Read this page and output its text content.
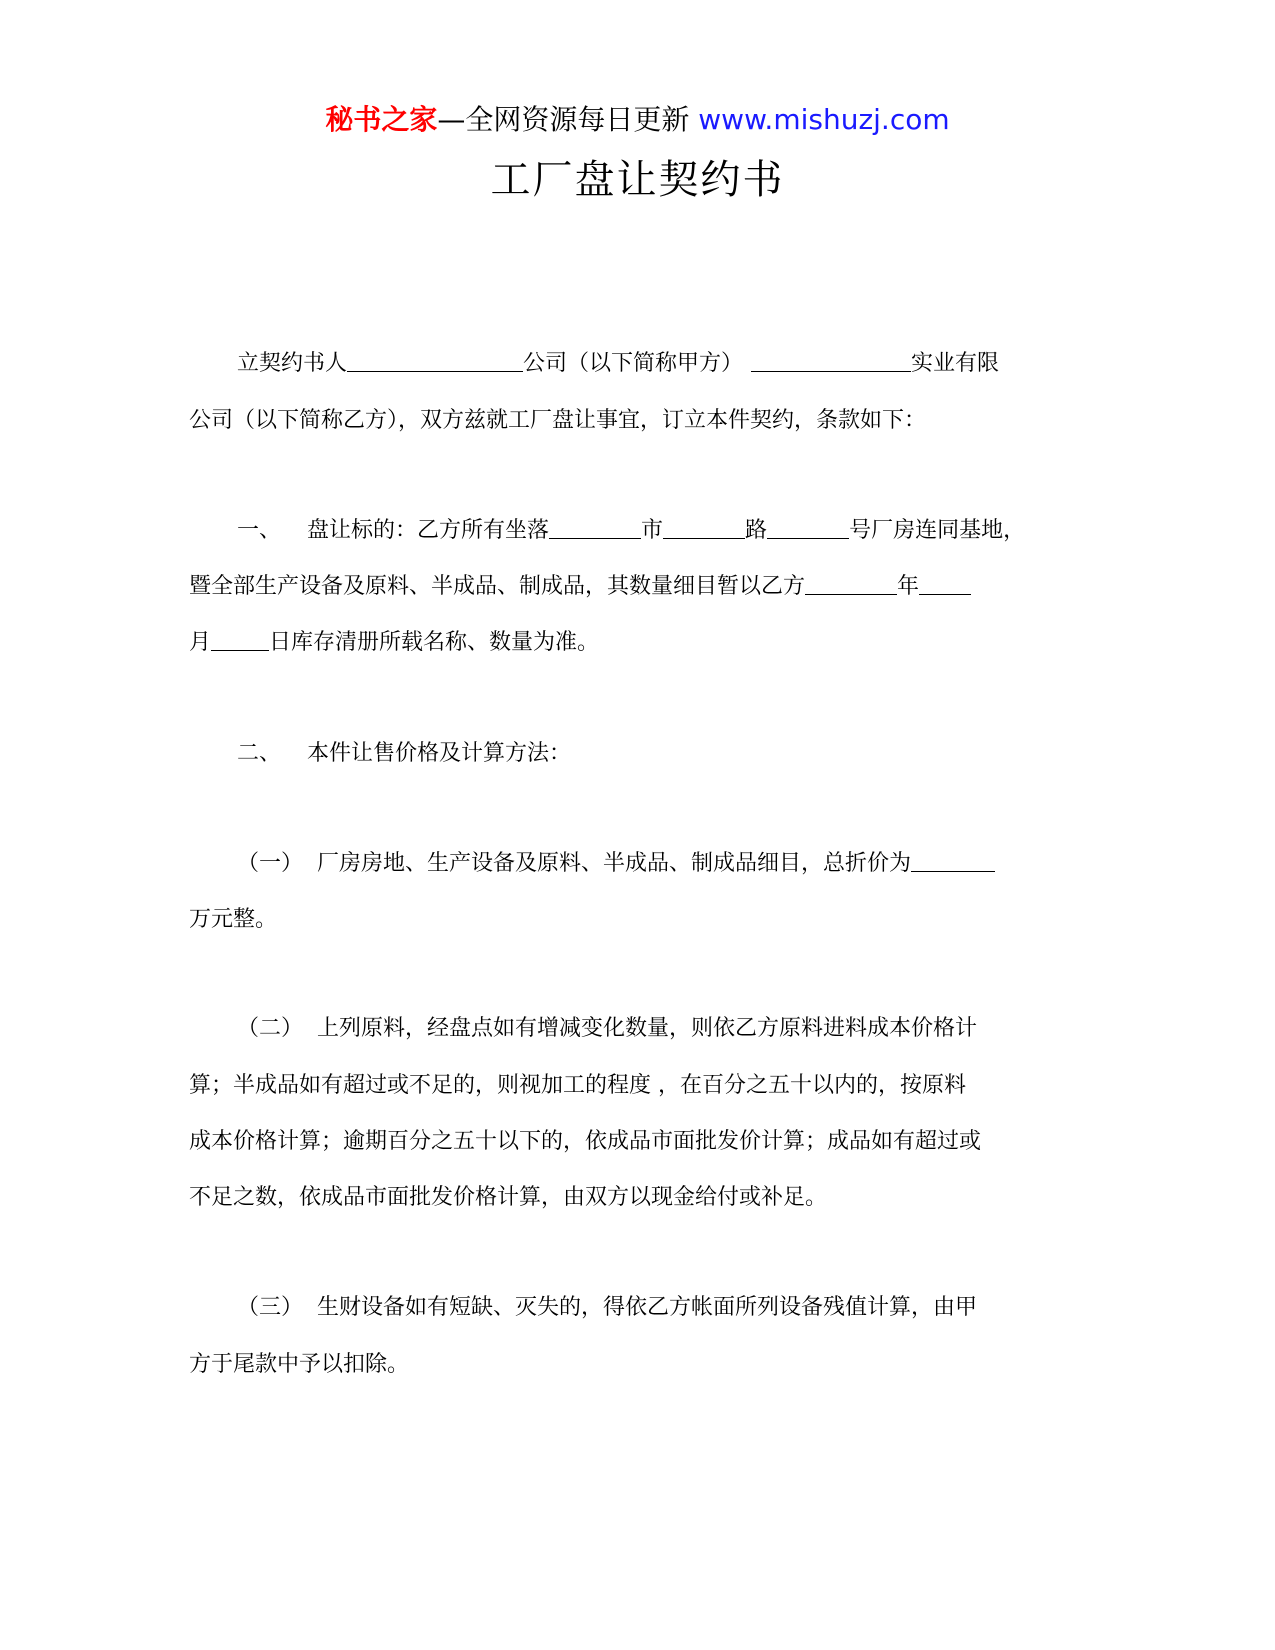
秘书之家—全网资源每日更新 www.mishuzj.com
工厂盘让契约书
立契约书人	公司（以下简称甲方）	实业有限
公司（以下简称乙方），双方兹就工厂盘让事宜，订立本件契约，条款如下：
一、 盘让标的：乙方所有坐落	市	路	号厂房连同基地，
暨全部生产设备及原料、半成品、制成品，其数量细目暂以乙方	年
月	日库存清册所载名称、数量为准。
二、 本件让售价格及计算方法：
（一） 厂房房地、生产设备及原料、半成品、制成品细目，总折价为
万元整。
（二） 上列原料，经盘点如有增减变化数量，则依乙方原料进料成本价格计
算；半成品如有超过或不足的，则视加工的程度 ，在百分之五十以内的，按原料
成本价格计算；逾期百分之五十以下的，依成品市面批发价计算；成品如有超过或
不足之数，依成品市面批发价格计算，由双方以现金给付或补足。
（三） 生财设备如有短缺、灭失的，得依乙方帐面所列设备残值计算，由甲
方于尾款中予以扣除。
